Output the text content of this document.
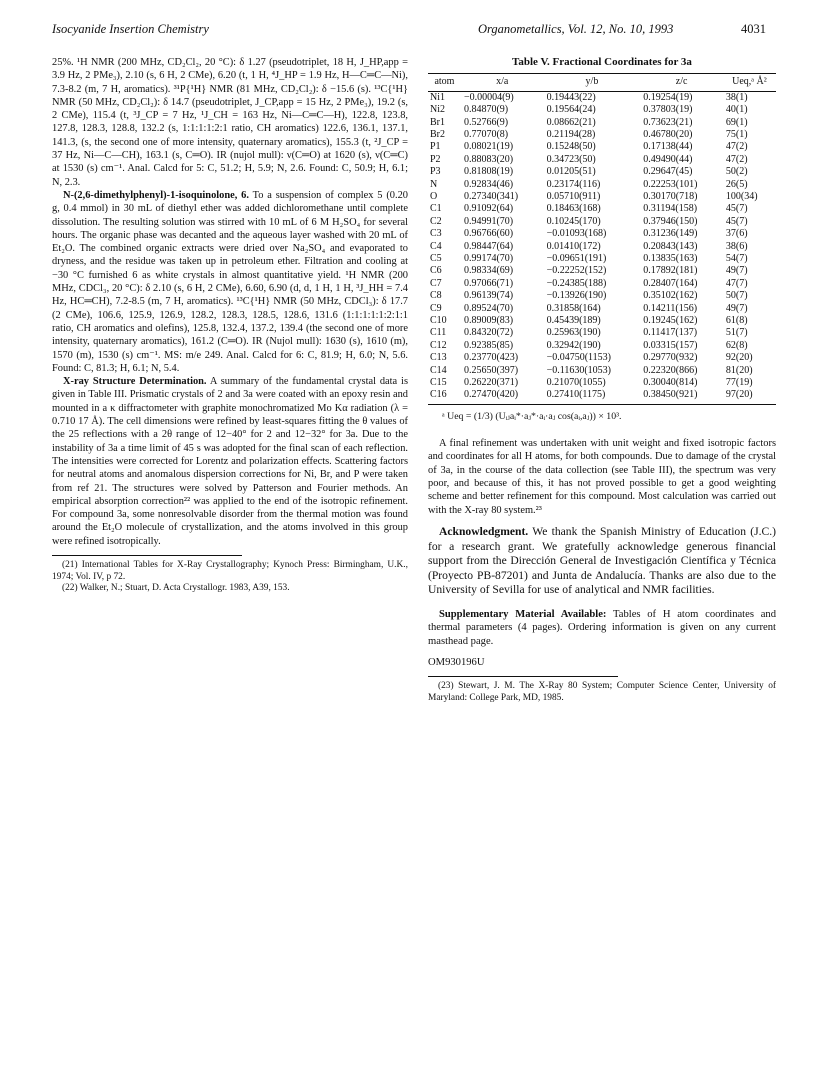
Isocyanide Insertion Chemistry	Organometallics, Vol. 12, No. 10, 1993	4031

25%. ¹H NMR (200 MHz, CD₂Cl₂, 20 °C): δ 1.27 (pseudotriplet, 18 H, J_HP,app = 3.9 Hz, 2 PMe₃), 2.10 (s, 6 H, 2 CMe), 6.20 (t, 1 H, ⁴J_HP = 1.9 Hz, H—C═C—Ni), 7.3-8.2 (m, 7 H, aromatics). ³¹P{¹H} NMR (81 MHz, CD₂Cl₂): δ −15.6 (s). ¹³C{¹H} NMR (50 MHz, CD₂Cl₂): δ 14.7 (pseudotriplet, J_CP,app = 15 Hz, 2 PMe₃), 19.2 (s, 2 CMe), 115.4 (t, ³J_CP = 7 Hz, ¹J_CH = 163 Hz, Ni—C═C—H), 122.8, 123.8, 127.8, 128.3, 128.8, 132.2 (s, 1:1:1:1:2:1 ratio, CH aromatics) 122.6, 136.1, 137.1, 141.3, (s, the second one of more intensity, quaternary aromatics), 155.3 (t, ²J_CP = 37 Hz, Ni—C—CH), 163.1 (s, C═O). IR (nujol mull): ν(C═O) at 1620 (s), ν(C═C) at 1530 (s) cm⁻¹. Anal. Calcd for 5: C, 51.2; H, 5.9; N, 2.6. Found: C, 50.9; H, 6.1; N, 2.3.

N-(2,6-dimethylphenyl)-1-isoquinolone, 6. To a suspension of complex 5 (0.20 g, 0.4 mmol) in 30 mL of diethyl ether was added dichloromethane until complete dissolution. The resulting solution was stirred with 10 mL of 6 M H₂SO₄ for several hours. The organic phase was decanted and the aqueous layer washed with 20 mL of Et₂O. The combined organic extracts were dried over Na₂SO₄ and evaporated to dryness, and the residue was taken up in petroleum ether. Filtration and cooling at −30 °C furnished 6 as white crystals in almost quantitative yield. ¹H NMR (200 MHz, CDCl₃, 20 °C): δ 2.10 (s, 6 H, 2 CMe), 6.60, 6.90 (d, d, 1 H, 1 H, ³J_HH = 7.4 Hz, HC═CH), 7.2-8.5 (m, 7 H, aromatics). ¹³C{¹H} NMR (50 MHz, CDCl₃): δ 17.7 (2 CMe), 106.6, 125.9, 126.9, 128.2, 128.3, 128.5, 128.6, 131.6 (1:1:1:1:1:2:1:1 ratio, CH aromatics and olefins), 125.8, 132.4, 137.2, 139.4 (the second one of more intensity, quaternary aromatics), 161.2 (C═O). IR (Nujol mull): 1630 (s), 1610 (m), 1570 (m), 1530 (s) cm⁻¹. MS: m/e 249. Anal. Calcd for 6: C, 81.9; H, 6.0; N, 5.6. Found: C, 81.3; H, 6.1; N, 5.4.

X-ray Structure Determination. A summary of the fundamental crystal data is given in Table III. Prismatic crystals of 2 and 3a were coated with an epoxy resin and mounted in a κ diffractometer with graphite monochromatized Mo Kα radiation (λ = 0.710 17 Å). The cell dimensions were refined by least-squares fitting the θ values of the 25 reflections with a 2θ range of 12−40° for 2 and 12−32° for 3a. Due to the instability of 3a a time limit of 45 s was adopted for the final scan of each reflection. The intensities were corrected for Lorentz and polarization effects. Scattering factors for neutral atoms and anomalous dispersion corrections for Ni, Br, and P were taken from ref 21. The structures were solved by Patterson and Fourier methods. An empirical absorption correction²² was applied to the end of the isotropic refinement. For compound 3a, some nonresolvable disorder from the thermal motion was found around the Et₂O molecule of crystallization, and the atoms involved in this group were refined isotropically.

(21) International Tables for X-Ray Crystallography; Kynoch Press: Birmingham, U.K., 1974; Vol. IV, p 72.

(22) Walker, N.; Stuart, D. Acta Crystallogr. 1983, A39, 153.

Table V. Fractional Coordinates for 3a
atom	x/a	y/b	z/c	Ueq,ᵃ Å²
Ni1	−0.00004(9)	0.19443(22)	0.19254(19)	38(1)
Ni2	0.84870(9)	0.19564(24)	0.37803(19)	40(1)
Br1	0.52766(9)	0.08662(21)	0.73623(21)	69(1)
Br2	0.77070(8)	0.21194(28)	0.46780(20)	75(1)
P1	0.08021(19)	0.15248(50)	0.17138(44)	47(2)
P2	0.88083(20)	0.34723(50)	0.49490(44)	47(2)
P3	0.81808(19)	0.01205(51)	0.29647(45)	50(2)
N	0.92834(46)	0.23174(116)	0.22253(101)	26(5)
O	0.27340(341)	0.05710(911)	0.30170(718)	100(34)
C1	0.91092(64)	0.18463(168)	0.31194(158)	45(7)
C2	0.94991(70)	0.10245(170)	0.37946(150)	45(7)
C3	0.96766(60)	−0.01093(168)	0.31236(149)	37(6)
C4	0.98447(64)	0.01410(172)	0.20843(143)	38(6)
C5	0.99174(70)	−0.09651(191)	0.13835(163)	54(7)
C6	0.98334(69)	−0.22252(152)	0.17892(181)	49(7)
C7	0.97066(71)	−0.24385(188)	0.28407(164)	47(7)
C8	0.96139(74)	−0.13926(190)	0.35102(162)	50(7)
C9	0.89524(70)	0.31858(164)	0.14211(156)	49(7)
C10	0.89009(83)	0.45439(189)	0.19245(162)	61(8)
C11	0.84320(72)	0.25963(190)	0.11417(137)	51(7)
C12	0.92385(85)	0.32942(190)	0.03315(157)	62(8)
C13	0.23770(423)	−0.04750(1153)	0.29770(932)	92(20)
C14	0.25650(397)	−0.11630(1053)	0.22320(866)	81(20)
C15	0.26220(371)	0.21070(1055)	0.30040(814)	77(19)
C16	0.27470(420)	0.27410(1175)	0.38450(921)	97(20)
ᵃ Ueq = (1/3) (Uᵢⱼaᵢ*·aⱼ*·aᵢ·aⱼ cos(aᵢ,aⱼ)) × 10³.

A final refinement was undertaken with unit weight and fixed isotropic factors and coordinates for all H atoms, for both compounds. Due to damage of the crystal of 3a, in the course of the data collection (see Table III), the spectrum was very poor, and because of this, it has not proved possible to get a good weighting scheme and better refinement for this compound. Most calculation was carried out with the X-ray 80 system.²³

Acknowledgment. We thank the Spanish Ministry of Education (J.C.) for a research grant. We gratefully acknowledge generous financial support from the Dirección General de Investigación Científica y Técnica (Proyecto PB-87201) and Junta de Andalucía. Thanks are also due to the University of Sevilla for use of analytical and NMR facilities.

Supplementary Material Available: Tables of H atom coordinates and thermal parameters (4 pages). Ordering information is given on any current masthead page.

OM930196U

(23) Stewart, J. M. The X-Ray 80 System; Computer Science Center, University of Maryland: College Park, MD, 1985.
